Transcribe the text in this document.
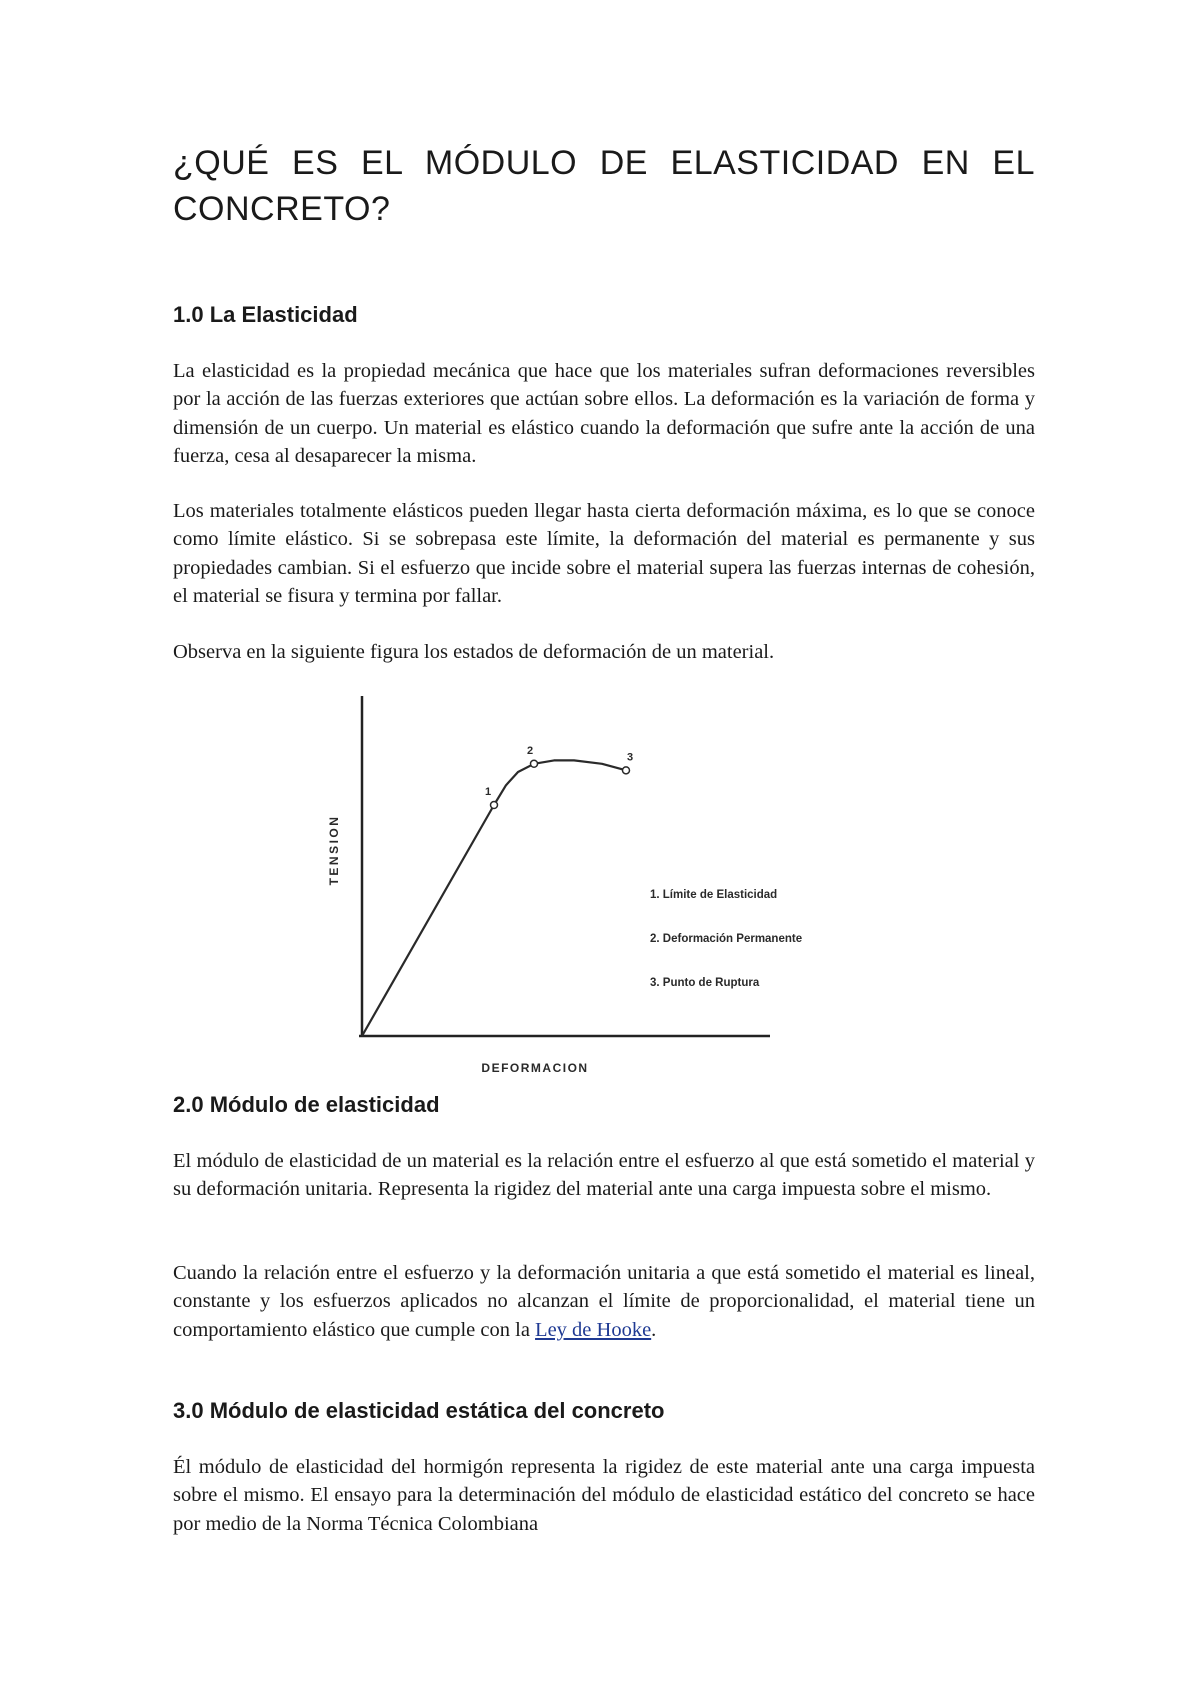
¿QUÉ ES EL MÓDULO DE ELASTICIDAD EN EL CONCRETO?
1.0 La Elasticidad

La elasticidad es la propiedad mecánica que hace que los materiales sufran deformaciones reversibles por la acción de las fuerzas exteriores que actúan sobre ellos. La deformación es la variación de forma y dimensión de un cuerpo. Un material es elástico cuando la deformación que sufre ante la acción de una fuerza, cesa al desaparecer la misma.

Los materiales totalmente elásticos pueden llegar hasta cierta deformación máxima, es lo que se conoce como límite elástico. Si se sobrepasa este límite, la deformación del material es permanente y sus propiedades cambian. Si el esfuerzo que incide sobre el material supera las fuerzas internas de cohesión, el material se fisura y termina por fallar.

Observa en la siguiente figura los estados de deformación de un material.

1
2
3
1. Límite de Elasticidad
2. Deformación Permanente
3. Punto de Ruptura
DEFORMACION
TENSION
2.0 Módulo de elasticidad

El módulo de elasticidad de un material es la relación entre el esfuerzo al que está sometido el material y su deformación unitaria. Representa la rigidez del material ante una carga impuesta sobre el mismo.

Cuando la relación entre el esfuerzo y la deformación unitaria a que está sometido el material es lineal, constante y los esfuerzos aplicados no alcanzan el límite de proporcionalidad, el material tiene un comportamiento elástico que cumple con la Ley de Hooke.

3.0 Módulo de elasticidad estática del concreto

Él módulo de elasticidad del hormigón representa la rigidez de este material ante una carga impuesta sobre el mismo. El ensayo para la determinación del módulo de elasticidad estático del concreto se hace por medio de la Norma Técnica Colombiana
